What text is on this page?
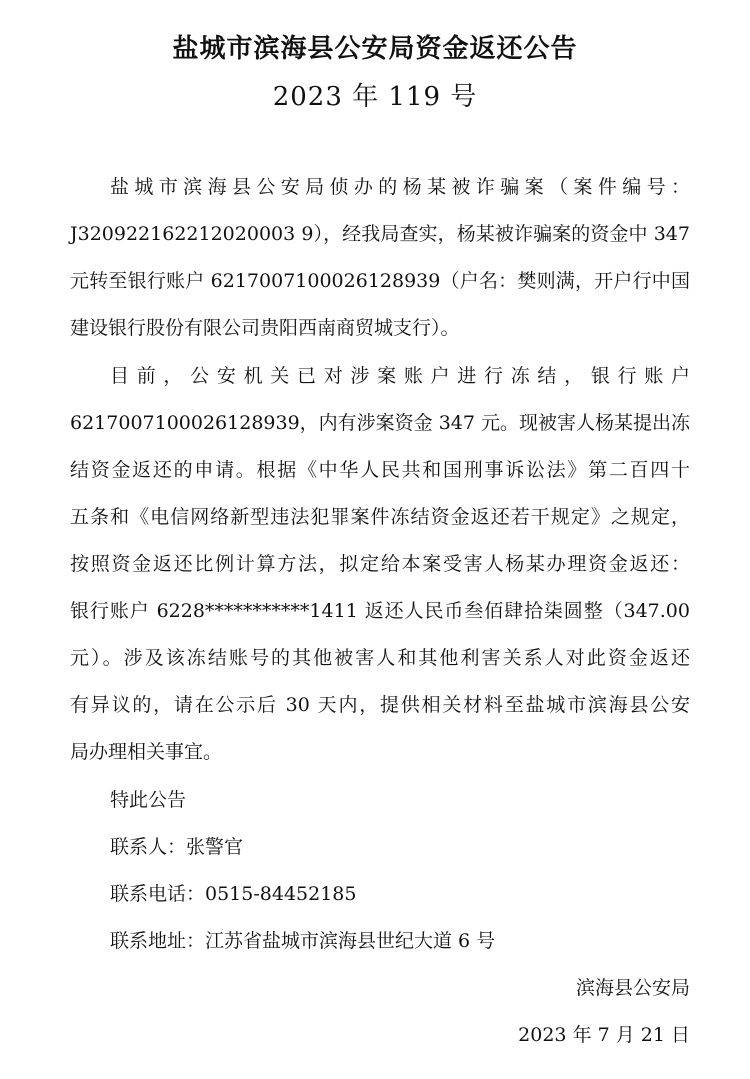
盐城市滨海县公安局资金返还公告
2023 年 119 号
盐城市滨海县公安局侦办的杨某被诈骗案（案件编号：
J320922162212020003 9），经我局查实，杨某被诈骗案的资金中 347
元转至银行账户 6217007100026128939（户名：樊则满，开户行中国
建设银行股份有限公司贵阳西南商贸城支行）。
目前，公安机关已对涉案账户进行冻结，银行账户
6217007100026128939，内有涉案资金 347 元。现被害人杨某提出冻
结资金返还的申请。根据《中华人民共和国刑事诉讼法》第二百四十
五条和《电信网络新型违法犯罪案件冻结资金返还若干规定》之规定，
按照资金返还比例计算方法，拟定给本案受害人杨某办理资金返还：
银行账户 6228***********1411 返还人民币叁佰肆拾柒圆整（347.00
元）。涉及该冻结账号的其他被害人和其他利害关系人对此资金返还
有异议的，请在公示后 30 天内，提供相关材料至盐城市滨海县公安
局办理相关事宜。
特此公告
联系人：张警官
联系电话：0515-84452185
联系地址：江苏省盐城市滨海县世纪大道 6 号
滨海县公安局
2023 年 7 月 21 日
